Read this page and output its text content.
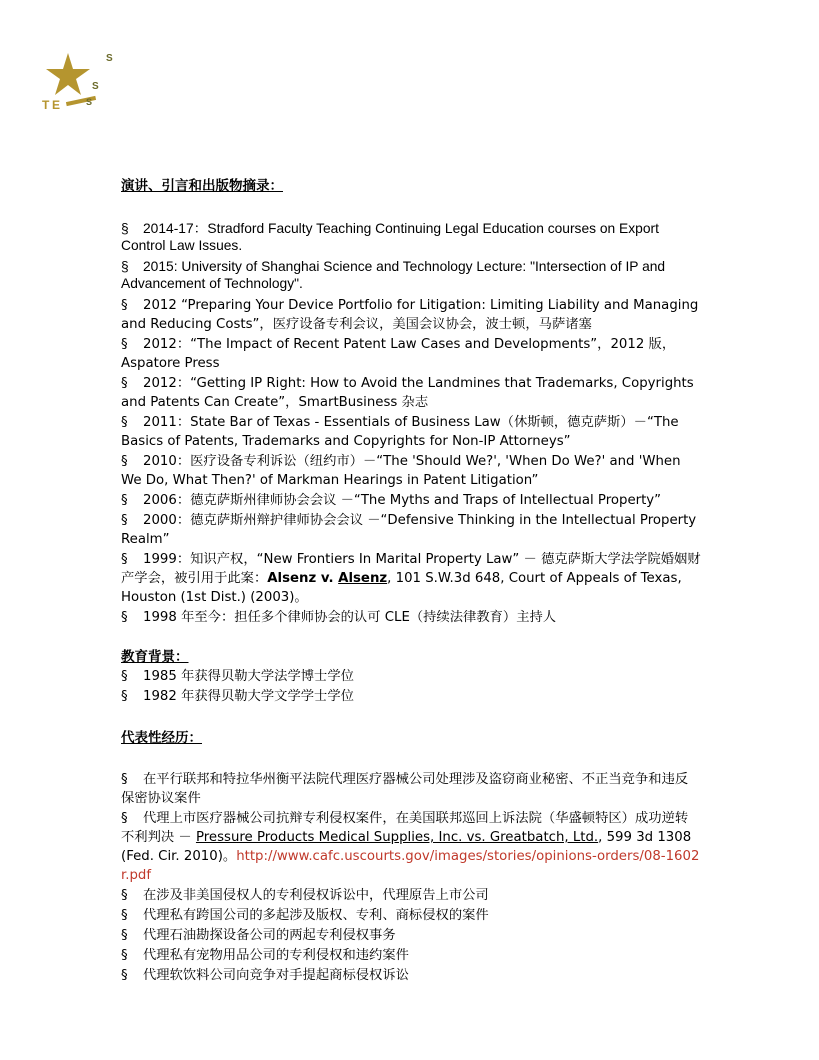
T E
S
S
S

演讲、引言和出版物摘录：

§ 2014-17：Stradford Faculty Teaching Continuing Legal Education courses on Export Control Law Issues.

§ 2015: University of Shanghai Science and Technology Lecture: "Intersection of IP and Advancement of Technology".

§ 2012 “Preparing Your Device Portfolio for Litigation: Limiting Liability and Managing and Reducing Costs”，医疗设备专利会议，美国会议协会，波士顿，马萨诸塞

§ 2012：“The Impact of Recent Patent Law Cases and Developments”，2012 版，Aspatore Press

§ 2012：“Getting IP Right: How to Avoid the Landmines that Trademarks, Copyrights and Patents Can Create”，SmartBusiness 杂志

§ 2011：State Bar of Texas - Essentials of Business Law（休斯顿，德克萨斯）－“The Basics of Patents, Trademarks and Copyrights for Non-IP Attorneys”

§ 2010：医疗设备专利诉讼（纽约市）－“The 'Should We?', 'When Do We?' and 'When We Do, What Then?' of Markman Hearings in Patent Litigation”

§ 2006：德克萨斯州律师协会会议 －“The Myths and Traps of Intellectual Property”

§ 2000：德克萨斯州辩护律师协会会议 －“Defensive Thinking in the Intellectual Property Realm”

§ 1999：知识产权，“New Frontiers In Marital Property Law” － 德克萨斯大学法学院婚姻财产学会，被引用于此案：Alsenz v. Alsenz, 101 S.W.3d 648, Court of Appeals of Texas, Houston (1st Dist.) (2003)。

§ 1998 年至今：担任多个律师协会的认可 CLE（持续法律教育）主持人

教育背景：

§ 1985 年获得贝勒大学法学博士学位

§ 1982 年获得贝勒大学文学学士学位

代表性经历：

§ 在平行联邦和特拉华州衡平法院代理医疗器械公司处理涉及盗窃商业秘密、不正当竞争和违反保密协议案件

§ 代理上市医疗器械公司抗辩专利侵权案件，在美国联邦巡回上诉法院（华盛顿特区）成功逆转不利判决 － Pressure Products Medical Supplies, Inc. vs. Greatbatch, Ltd., 599 3d 1308 (Fed. Cir. 2010)。http://www.cafc.uscourts.gov/images/stories/opinions-orders/08-1602r.pdf

§ 在涉及非美国侵权人的专利侵权诉讼中，代理原告上市公司

§ 代理私有跨国公司的多起涉及版权、专利、商标侵权的案件

§ 代理石油勘探设备公司的两起专利侵权事务

§ 代理私有宠物用品公司的专利侵权和违约案件

§ 代理软饮料公司向竞争对手提起商标侵权诉讼
